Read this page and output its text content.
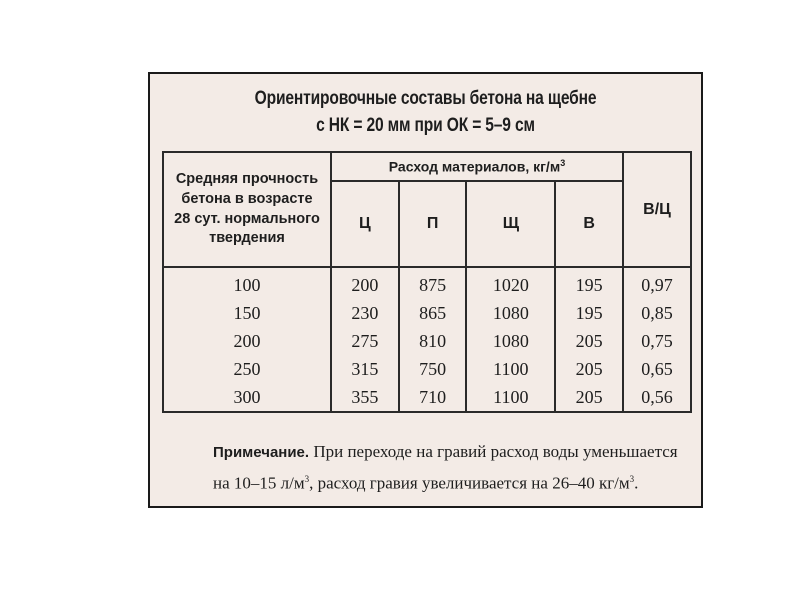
Ориентировочные составы бетона на щебне
с НК = 20 мм при ОК = 5–9 см
Средняя прочность
бетона в возрасте
28 сут. нормального
твердения	Расход материалов, $кг/м^3$				В/Ц
	Ц	П	Щ	В	
100	200	875	1020	195	0,97
150	230	865	1080	195	0,85
200	275	810	1080	205	0,75
250	315	750	1100	205	0,65
300	355	710	1100	205	0,56
Примечание. При переходе на гравий расход воды уменьшается на 10–15 $л/м^3$, расход гравия увеличивается на 26–40 $кг/м^3$.
